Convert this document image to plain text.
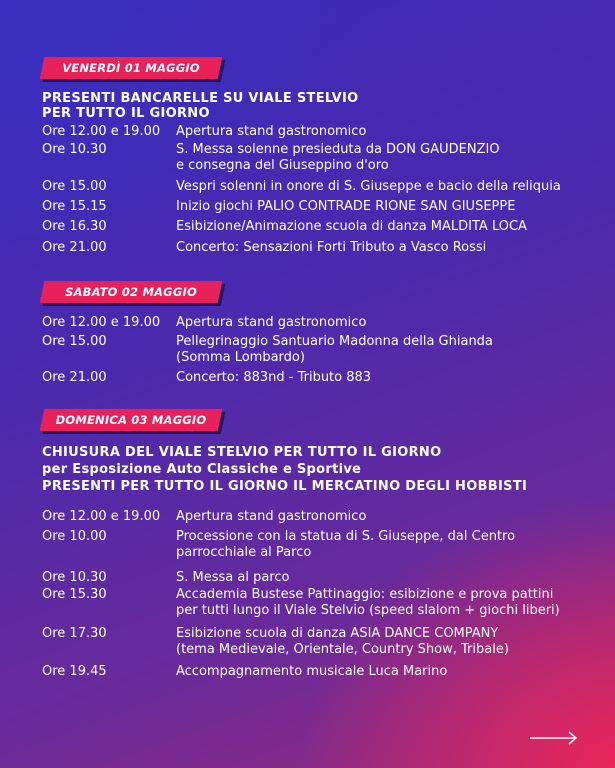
VENERDÌ 01 MAGGIO
PRESENTI BANCARELLE SU VIALE STELVIO
PER TUTTO IL GIORNO
Ore 12.00 e 19.00	Apertura stand gastronomico
Ore 10.30	S. Messa solenne presieduta da DON GAUDENZIO
e consegna del Giuseppino d'oro
Ore 15.00	Vespri solenni in onore di S. Giuseppe e bacio della reliquia
Ore 15.15	Inizio giochi PALIO CONTRADE RIONE SAN GIUSEPPE
Ore 16.30	Esibizione/Animazione scuola di danza MALDITA LOCA
Ore 21.00	Concerto: Sensazioni Forti Tributo a Vasco Rossi
SABATO 02 MAGGIO
Ore 12.00 e 19.00	Apertura stand gastronomico
Ore 15.00	Pellegrinaggio Santuario Madonna della Ghianda
(Somma Lombardo)
Ore 21.00	Concerto: 883nd - Tributo 883
DOMENICA 03 MAGGIO
CHIUSURA DEL VIALE STELVIO PER TUTTO IL GIORNO
per Esposizione Auto Classiche e Sportive
PRESENTI PER TUTTO IL GIORNO IL MERCATINO DEGLI HOBBISTI
Ore 12.00 e 19.00	Apertura stand gastronomico
Ore 10.00	Processione con la statua di S. Giuseppe, dal Centro
parrocchiale al Parco
Ore 10.30	S. Messa al parco
Ore 15.30	Accademia Bustese Pattinaggio: esibizione e prova pattini
per tutti lungo il Viale Stelvio (speed slalom + giochi liberi)
Ore 17.30	Esibizione scuola di danza ASIA DANCE COMPANY
(tema Medievale, Orientale, Country Show, Tribale)
Ore 19.45	Accompagnamento musicale Luca Marino
